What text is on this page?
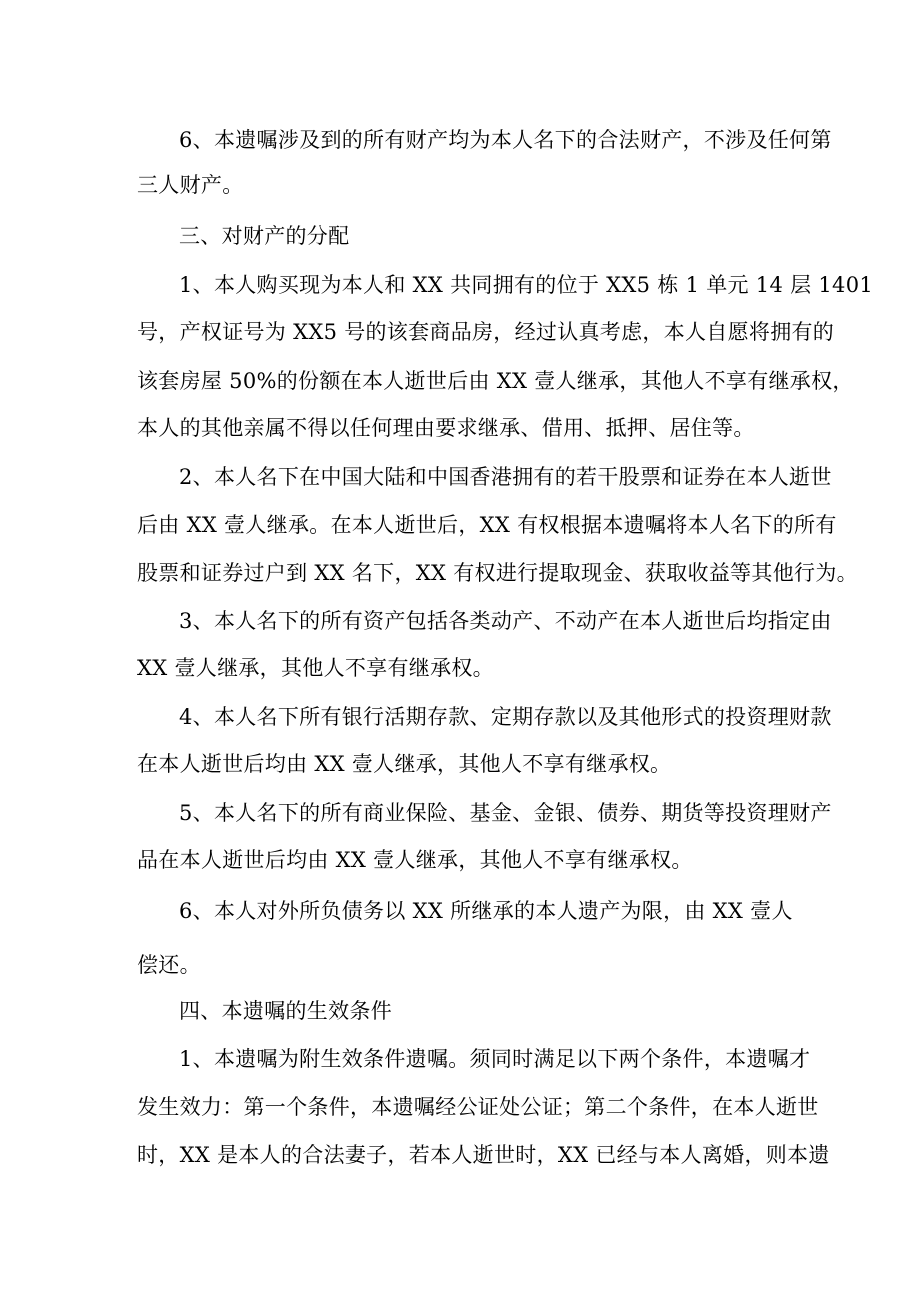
6、本遗嘱涉及到的所有财产均为本人名下的合法财产，不涉及任何第
三人财产。
三、对财产的分配
1、本人购买现为本人和 XX 共同拥有的位于 XX5 栋 1 单元 14 层 1401
号，产权证号为 XX5 号的该套商品房，经过认真考虑，本人自愿将拥有的
该套房屋 50%的份额在本人逝世后由 XX 壹人继承，其他人不享有继承权，
本人的其他亲属不得以任何理由要求继承、借用、抵押、居住等。
2、本人名下在中国大陆和中国香港拥有的若干股票和证券在本人逝世
后由 XX 壹人继承。在本人逝世后，XX 有权根据本遗嘱将本人名下的所有
股票和证券过户到 XX 名下，XX 有权进行提取现金、获取收益等其他行为。
3、本人名下的所有资产包括各类动产、不动产在本人逝世后均指定由
XX 壹人继承，其他人不享有继承权。
4、本人名下所有银行活期存款、定期存款以及其他形式的投资理财款
在本人逝世后均由 XX 壹人继承，其他人不享有继承权。
5、本人名下的所有商业保险、基金、金银、债券、期货等投资理财产
品在本人逝世后均由 XX 壹人继承，其他人不享有继承权。
6、本人对外所负债务以 XX 所继承的本人遗产为限，由 XX 壹人
偿还。
四、本遗嘱的生效条件
1、本遗嘱为附生效条件遗嘱。须同时满足以下两个条件，本遗嘱才
发生效力：第一个条件，本遗嘱经公证处公证；第二个条件，在本人逝世
时，XX 是本人的合法妻子，若本人逝世时，XX 已经与本人离婚，则本遗
